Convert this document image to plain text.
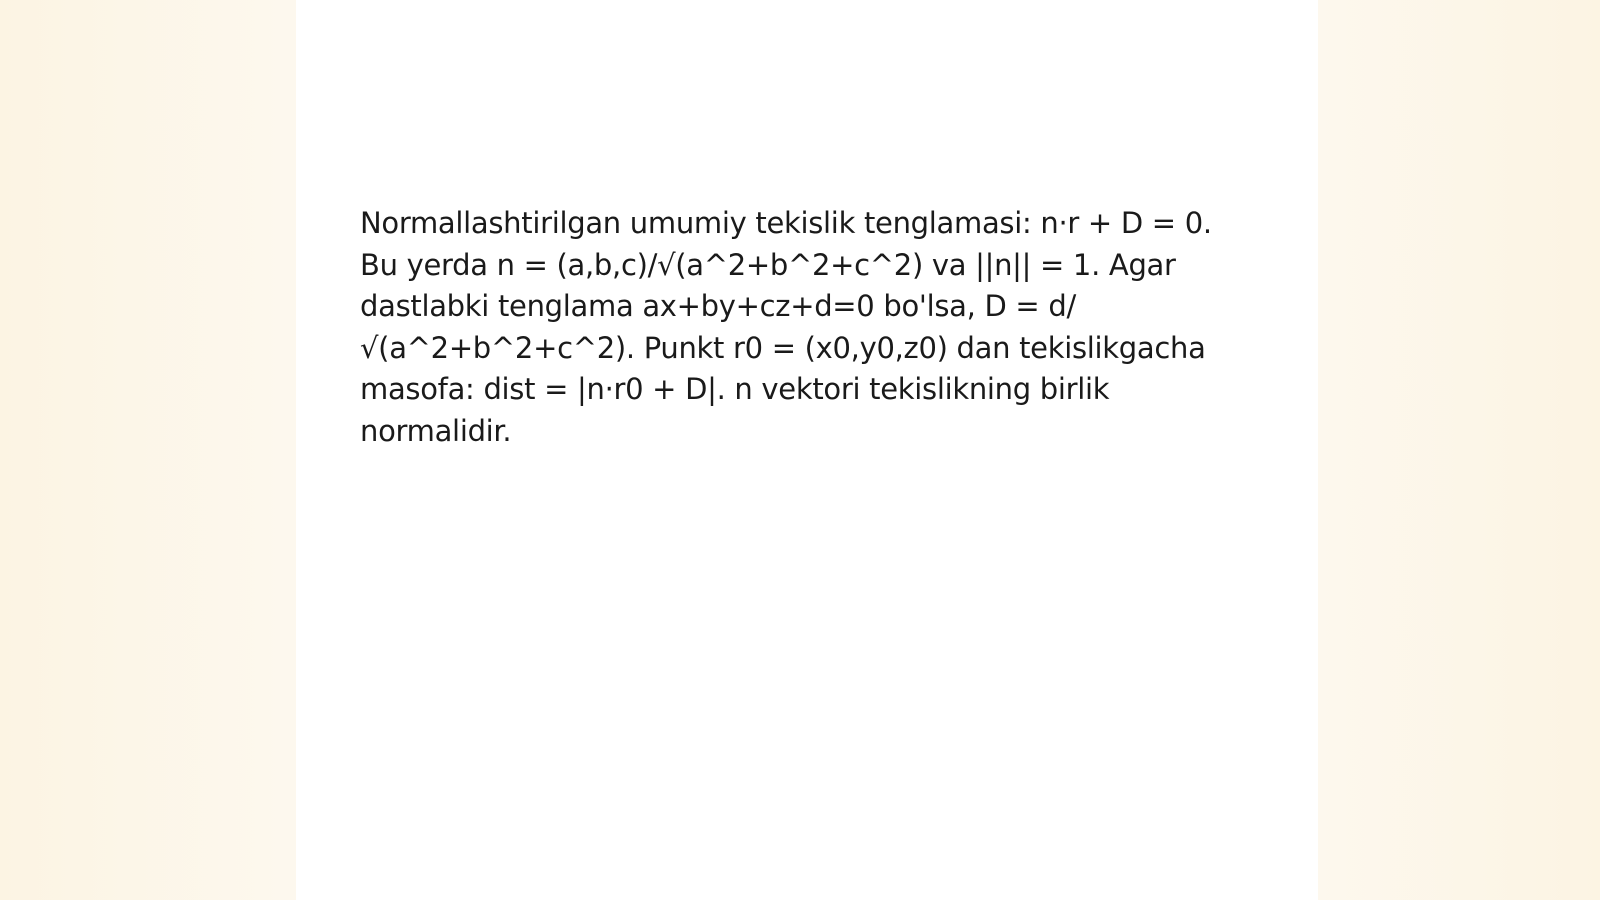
Normallashtirilgan umumiy tekislik tenglamasi: n·r + D = 0. Bu yerda n = (a,b,c)/√(a^2+b^2+c^2) va ||n|| = 1. Agar dastlabki tenglama ax+by+cz+d=0 bo'lsa, D = d/√(a^2+b^2+c^2). Punkt r0 = (x0,y0,z0) dan tekislikgacha masofa: dist = |n·r0 + D|. n vektori tekislikning birlik normalidir.
